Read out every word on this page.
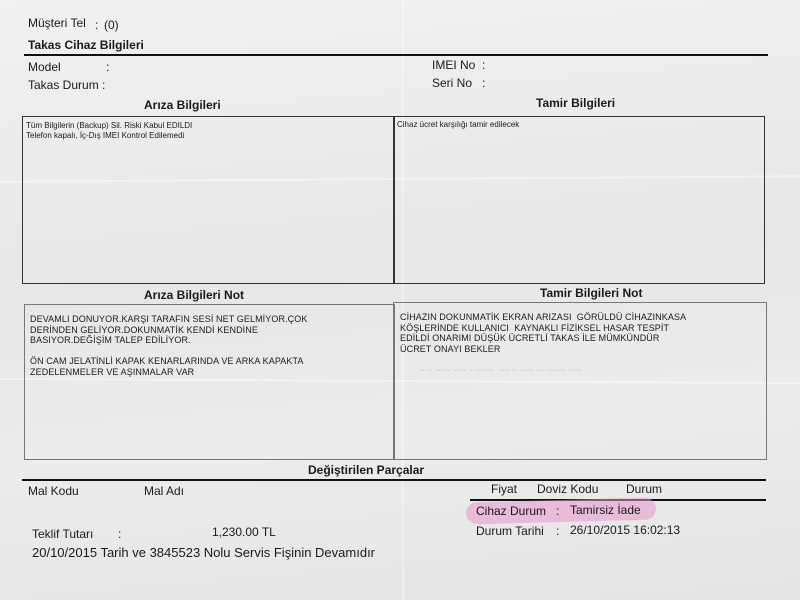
Müşteri Tel : (0)
Takas Cihaz Bilgileri
Model	:
Takas Durum :
IMEI No :
Seri No :
Arıza Bilgileri	Tamir Bilgileri
Tüm Bilgilerin (Backup) Sil. Riski Kabul EDILDI
Telefon kapalı, İç-Dış IMEI Kontrol Edilemedi
Cihaz ücret karşılığı tamir edilecek
Arıza Bilgileri Not	Tamir Bilgileri Not
DEVAMLI DONUYOR.KARŞI TARAFIN SESİ NET GELMİYOR.ÇOK
DERİNDEN GELİYOR.DOKUNMATİK KENDİ KENDİNE
BASIYOR.DEĞİŞİM TALEP EDİLİYOR.

ÖN CAM JELATİNLİ KAPAK KENARLARINDA VE ARKA KAPAKTA
ZEDELENMELER VE AŞINMALAR VAR
CİHAZIN DOKUNMATİK EKRAN ARIZASI  GÖRÜLDÜ CİHAZINKASA
KÖŞLERİNDE KULLANICI  KAYNAKLI FİZİKSEL HASAR TESPİT
EDİLDİ ONARIMI DÜŞÜK ÜCRETLİ TAKAS İLE MÜMKÜNDÜR
ÜCRET ONAYI BEKLER
~ ~  ~~~ ~~~ ~ ~~~~   ~~ ~ ~~~ ~~ ~~~~ ~~~
Değiştirilen Parçalar
Mal Kodu	Mal Adı	Fiyat Doviz Kodu Durum
Cihaz Durum : Tamirsiz İade
Durum Tarihi : 26/10/2015 16:02:13
Teklif Tutarı :	1,230.00 TL
20/10/2015 Tarih ve 3845523 Nolu Servis Fişinin Devamıdır
